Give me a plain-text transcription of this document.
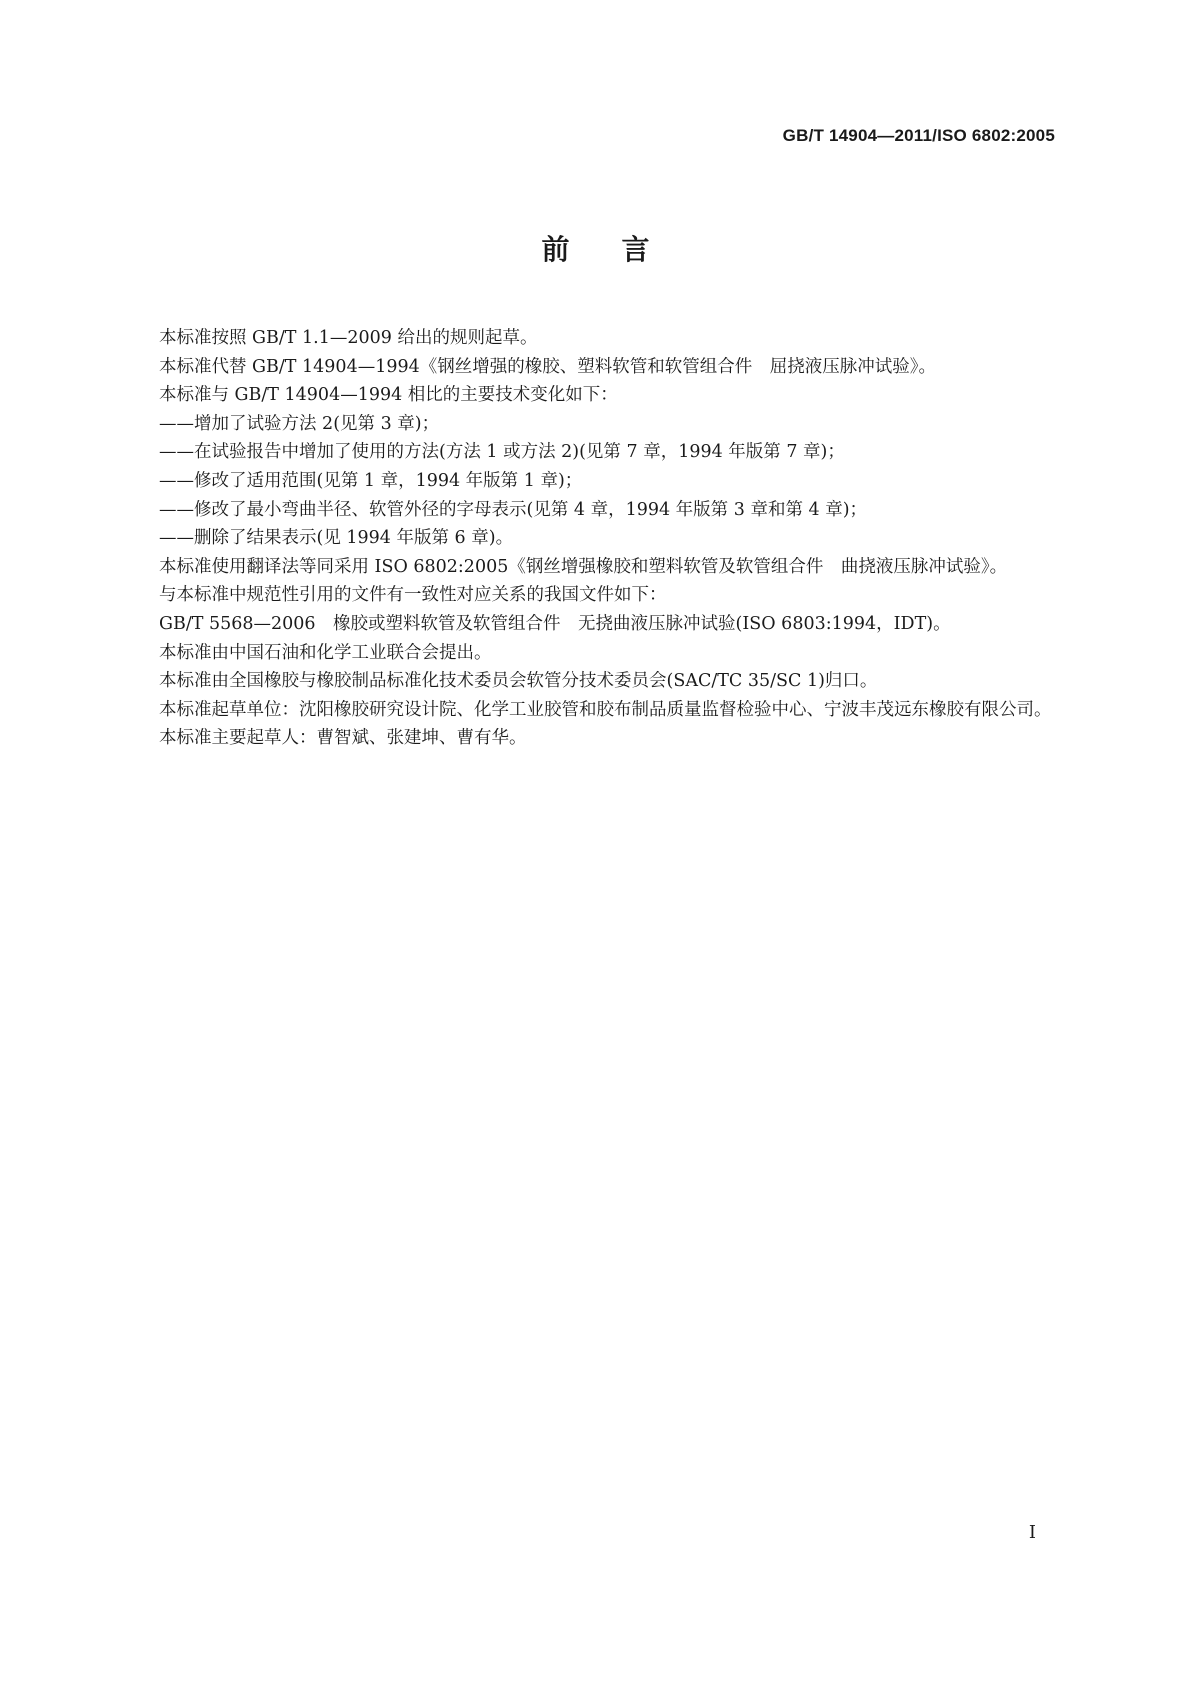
GB/T 14904—2011/ISO 6802:2005
前言

本标准按照 GB/T 1.1—2009 给出的规则起草。

本标准代替 GB/T 14904—1994《钢丝增强的橡胶、塑料软管和软管组合件　屈挠液压脉冲试验》。

本标准与 GB/T 14904—1994 相比的主要技术变化如下：

——增加了试验方法 2(见第 3 章)；

——在试验报告中增加了使用的方法(方法 1 或方法 2)(见第 7 章，1994 年版第 7 章)；

——修改了适用范围(见第 1 章，1994 年版第 1 章)；

——修改了最小弯曲半径、软管外径的字母表示(见第 4 章，1994 年版第 3 章和第 4 章)；

——删除了结果表示(见 1994 年版第 6 章)。

本标准使用翻译法等同采用 ISO 6802:2005《钢丝增强橡胶和塑料软管及软管组合件　曲挠液压脉冲试验》。

与本标准中规范性引用的文件有一致性对应关系的我国文件如下：

GB/T 5568—2006　橡胶或塑料软管及软管组合件　无挠曲液压脉冲试验(ISO 6803:1994，IDT)。

本标准由中国石油和化学工业联合会提出。

本标准由全国橡胶与橡胶制品标准化技术委员会软管分技术委员会(SAC/TC 35/SC 1)归口。

本标准起草单位：沈阳橡胶研究设计院、化学工业胶管和胶布制品质量监督检验中心、宁波丰茂远东橡胶有限公司。

本标准主要起草人：曹智斌、张建坤、曹有华。

I
